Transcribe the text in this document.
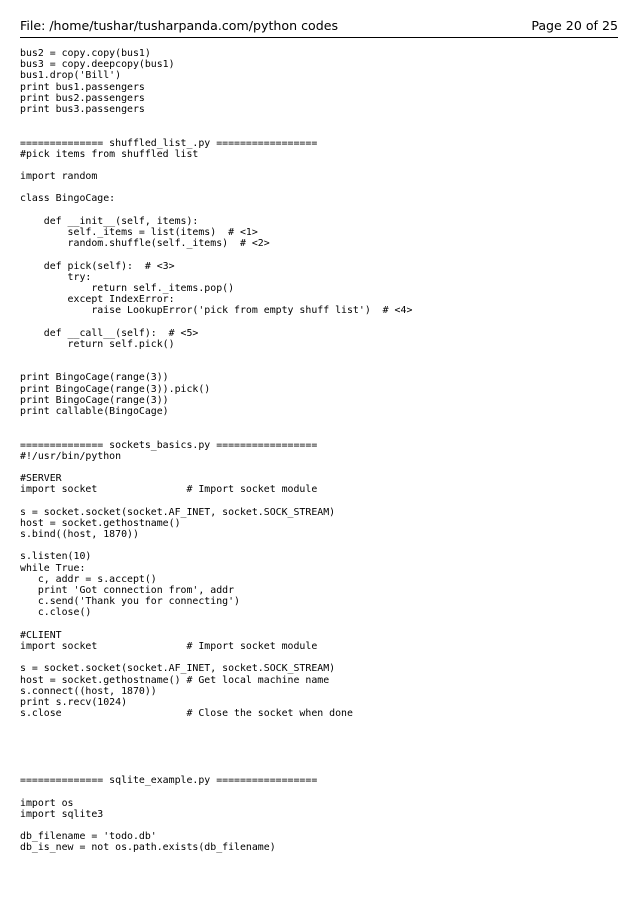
File: /home/tushar/tusharpanda.com/python codes	Page 20 of 25
bus2 = copy.copy(bus1)
bus3 = copy.deepcopy(bus1)
bus1.drop('Bill')
print bus1.passengers
print bus2.passengers
print bus3.passengers
============== shuffled_list_.py =================
#pick items from shuffled list
import random
class BingoCage:
def __init__(self, items):
self._items = list(items)  # <1>
random.shuffle(self._items)  # <2>
def pick(self):  # <3>
try:
return self._items.pop()
except IndexError:
raise LookupError('pick from empty shuff list')  # <4>
def __call__(self):  # <5>
return self.pick()
print BingoCage(range(3))
print BingoCage(range(3)).pick()
print BingoCage(range(3))
print callable(BingoCage)
============== sockets_basics.py =================
#!/usr/bin/python
#SERVER
import socket               # Import socket module
s = socket.socket(socket.AF_INET, socket.SOCK_STREAM)
host = socket.gethostname()
s.bind((host, 1870))
s.listen(10)
while True:
c, addr = s.accept()
print 'Got connection from', addr
c.send('Thank you for connecting')
c.close()
#CLIENT
import socket               # Import socket module
s = socket.socket(socket.AF_INET, socket.SOCK_STREAM)
host = socket.gethostname() # Get local machine name
s.connect((host, 1870))
print s.recv(1024)
s.close                     # Close the socket when done
============== sqlite_example.py =================
import os
import sqlite3
db_filename = 'todo.db'
db_is_new = not os.path.exists(db_filename)
